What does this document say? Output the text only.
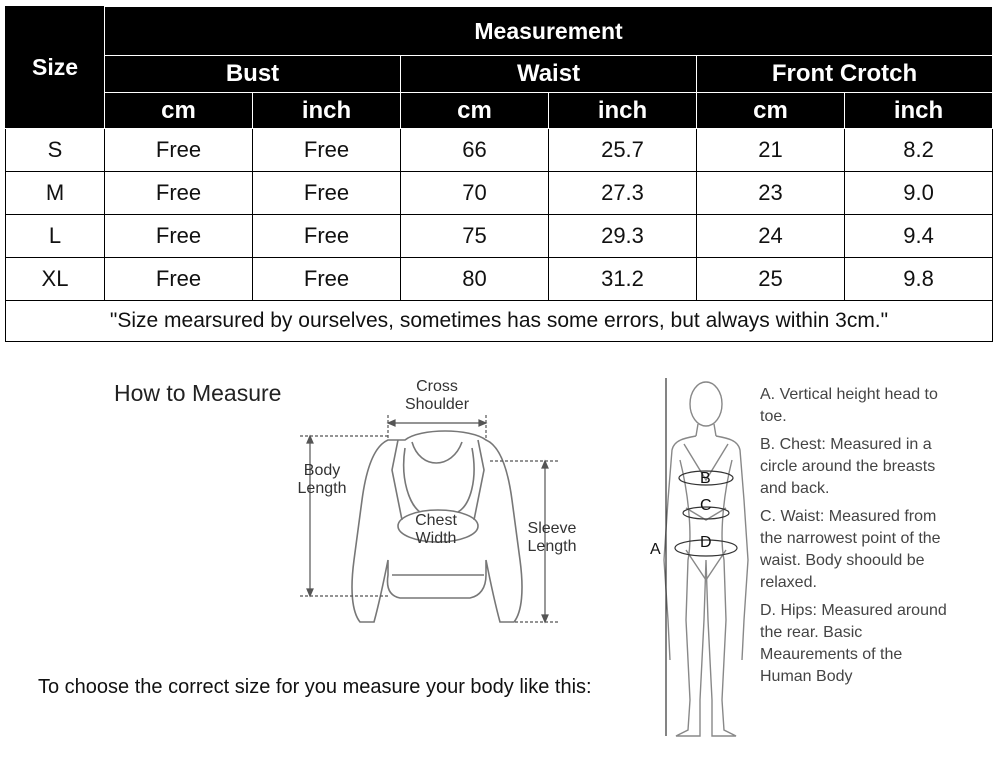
Size	Measurement					
	Bust		Waist		Front Crotch	
	cm	inch	cm	inch	cm	inch
S	Free	Free	66	25.7	21	8.2
M	Free	Free	70	27.3	23	9.0
L	Free	Free	75	29.3	24	9.4
XL	Free	Free	80	31.2	25	9.8
"Size mearsured by ourselves, sometimes has some errors, but always within 3cm."						
How to Measure	Cross Shoulder
Body Length
Chest Width
Sleeve Length
To choose the correct size for you measure your body like this:
A
B
C
D
A. Vertical height head to toe.
B. Chest: Measured in a circle around the breasts and back.
C. Waist: Measured from the narrowest point of the waist. Body shoould be relaxed.
D. Hips: Measured around the rear. Basic Meaurements of the Human Body
